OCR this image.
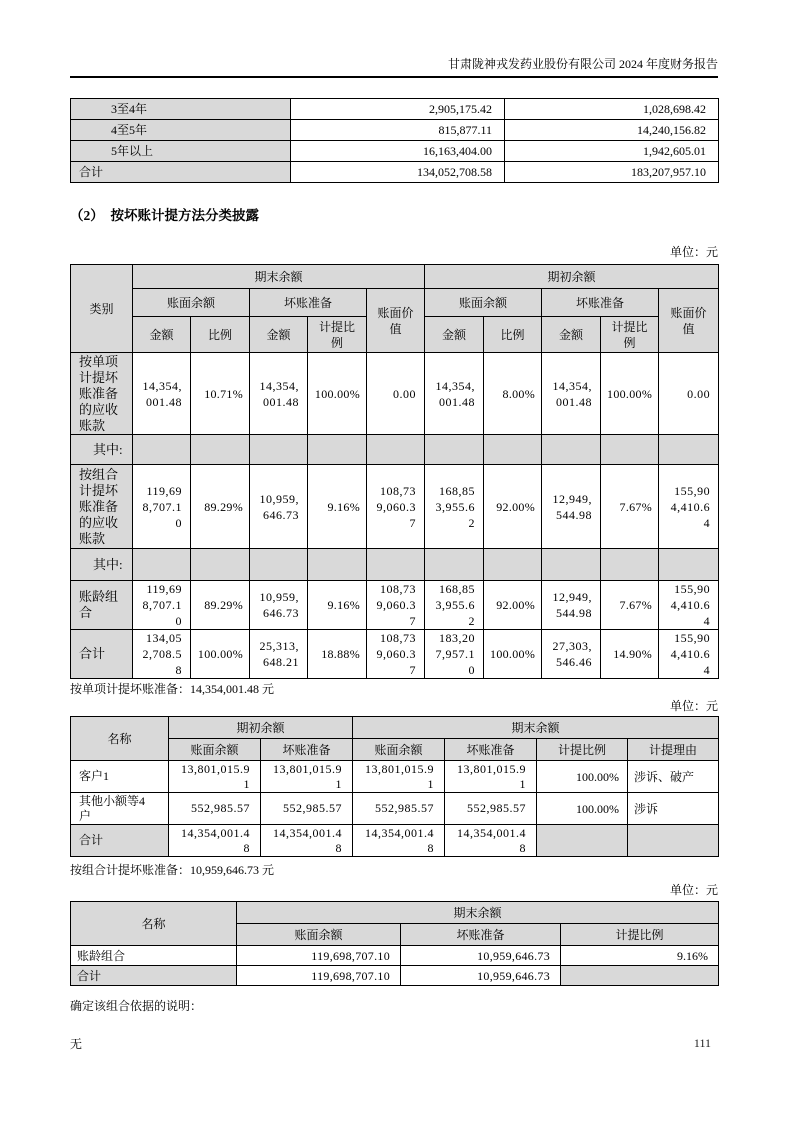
甘肃陇神戎发药业股份有限公司 2024 年度财务报告
3至4年	2,905,175.42	1,028,698.42
4至5年	815,877.11	14,240,156.82
5年以上	16,163,404.00	1,942,605.01
合计	134,052,708.58	183,207,957.10
（2）　按坏账计提方法分类披露
单位：元
类别	期末余额					期初余额				
	账面余额		坏账准备		账面价值	账面余额		坏账准备		账面价值
	金额	比例	金额	计提比例		金额	比例	金额	计提比例	
按单项计提坏账准备的应收账款	14,354,001.48	10.71%	14,354,001.48	100.00%	0.00	14,354,001.48	8.00%	14,354,001.48	100.00%	0.00
其中:										
按组合计提坏账准备的应收账款	119,698,707.10	89.29%	10,959,646.73	9.16%	108,739,060.37	168,853,955.62	92.00%	12,949,544.98	7.67%	155,904,410.64
其中:										
账龄组合	119,698,707.10	89.29%	10,959,646.73	9.16%	108,739,060.37	168,853,955.62	92.00%	12,949,544.98	7.67%	155,904,410.64
合计	134,052,708.58	100.00%	25,313,648.21	18.88%	108,739,060.37	183,207,957.10	100.00%	27,303,546.46	14.90%	155,904,410.64
按单项计提坏账准备：14,354,001.48 元
单位：元
名称	期初余额		期末余额			
	账面余额	坏账准备	账面余额	坏账准备	计提比例	计提理由
客户1	13,801,015.91	13,801,015.91	13,801,015.91	13,801,015.91	100.00%	涉诉、破产
其他小额等4户	552,985.57	552,985.57	552,985.57	552,985.57	100.00%	涉诉
合计	14,354,001.48	14,354,001.48	14,354,001.48	14,354,001.48		
按组合计提坏账准备：10,959,646.73 元
单位：元
名称	期末余额		
	账面余额	坏账准备	计提比例
账龄组合	119,698,707.10	10,959,646.73	9.16%
合计	119,698,707.10	10,959,646.73	
确定该组合依据的说明：
无	111
